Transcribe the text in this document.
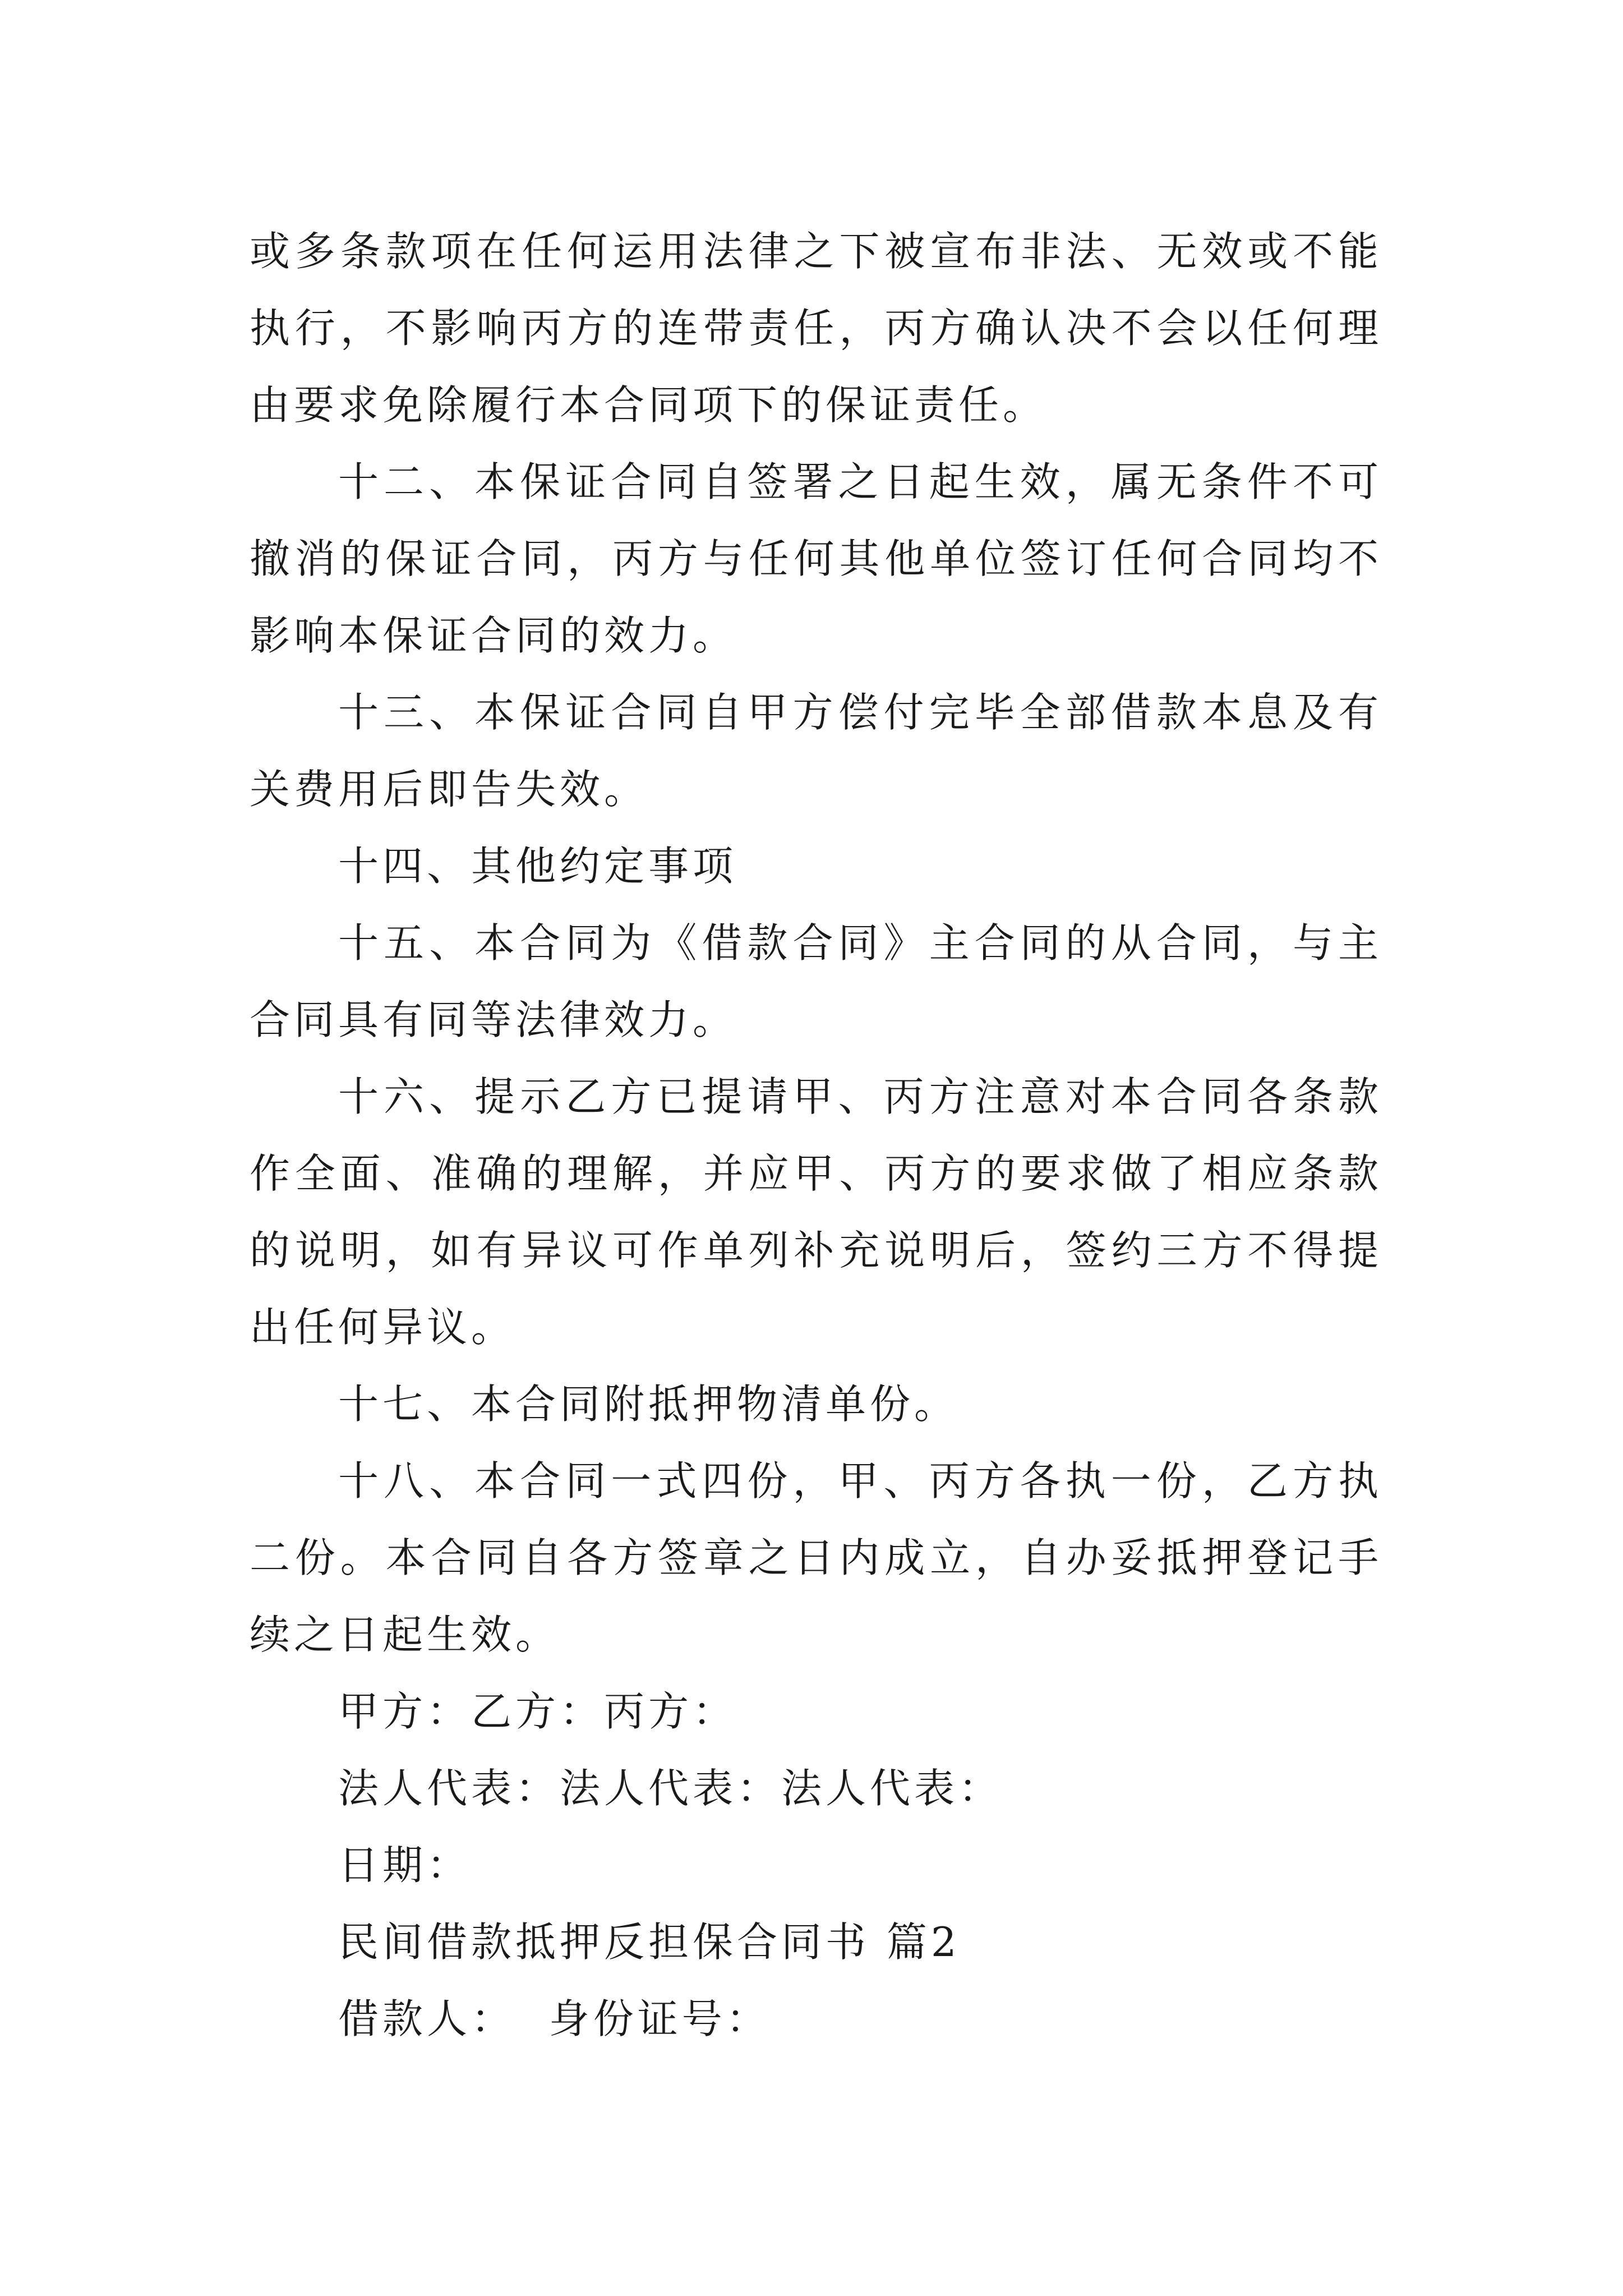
或多条款项在任何运用法律之下被宣布非法、无效或不能执行，不影响丙方的连带责任，丙方确认决不会以任何理由要求免除履行本合同项下的保证责任。

十二、本保证合同自签署之日起生效，属无条件不可撤消的保证合同，丙方与任何其他单位签订任何合同均不影响本保证合同的效力。

十三、本保证合同自甲方偿付完毕全部借款本息及有关费用后即告失效。

十四、其他约定事项

十五、本合同为《借款合同》主合同的从合同，与主合同具有同等法律效力。

十六、提示乙方已提请甲、丙方注意对本合同各条款作全面、准确的理解，并应甲、丙方的要求做了相应条款的说明，如有异议可作单列补充说明后，签约三方不得提出任何异议。

十七、本合同附抵押物清单份。

十八、本合同一式四份，甲、丙方各执一份，乙方执二份。本合同自各方签章之日内成立，自办妥抵押登记手续之日起生效。

甲方：乙方：丙方：

法人代表：法人代表：法人代表：

日期：

民间借款抵押反担保合同书 篇2

借款人：  身份证号：
